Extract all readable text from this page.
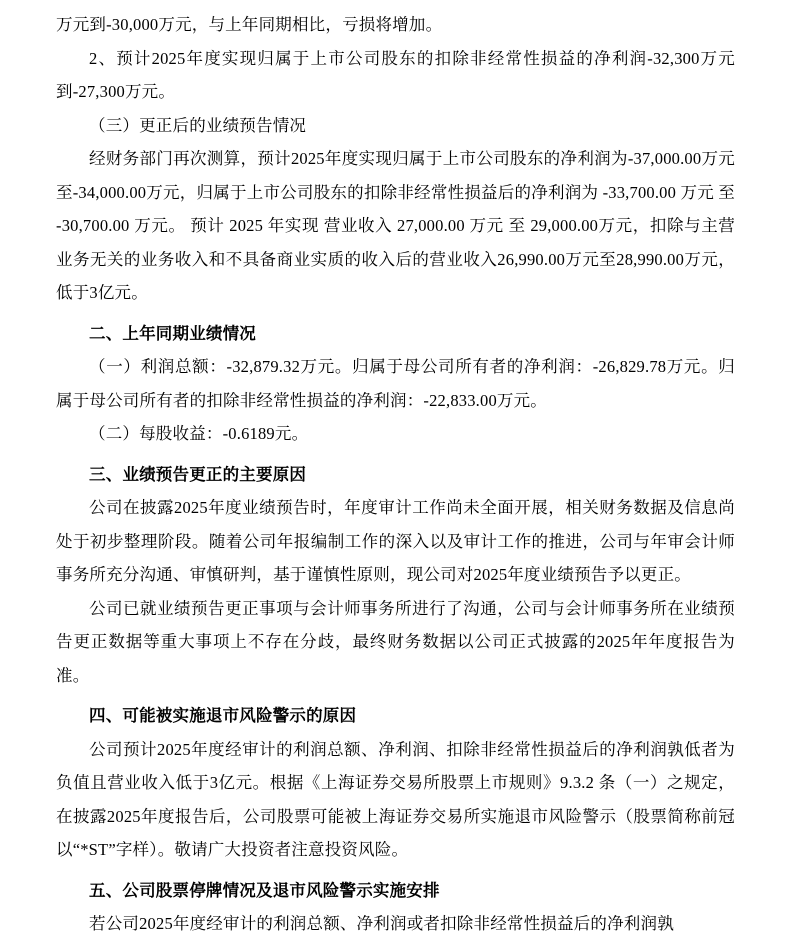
万元到-30,000万元，与上年同期相比，亏损将增加。

2、预计2025年度实现归属于上市公司股东的扣除非经常性损益的净利润-32,300万元到-27,300万元。

（三）更正后的业绩预告情况

经财务部门再次测算，预计2025年度实现归属于上市公司股东的净利润为-37,000.00万元至-34,000.00万元，归属于上市公司股东的扣除非经常性损益后的净利润为 -33,700.00 万元 至 -30,700.00 万元。 预计 2025 年实现 营业收入 27,000.00 万元 至 29,000.00万元，扣除与主营业务无关的业务收入和不具备商业实质的收入后的营业收入26,990.00万元至28,990.00万元，低于3亿元。

二、上年同期业绩情况

（一）利润总额：-32,879.32万元。归属于母公司所有者的净利润：-26,829.78万元。归属于母公司所有者的扣除非经常性损益的净利润：-22,833.00万元。

（二）每股收益：-0.6189元。

三、业绩预告更正的主要原因

公司在披露2025年度业绩预告时，年度审计工作尚未全面开展，相关财务数据及信息尚处于初步整理阶段。随着公司年报编制工作的深入以及审计工作的推进，公司与年审会计师事务所充分沟通、审慎研判，基于谨慎性原则，现公司对2025年度业绩预告予以更正。

公司已就业绩预告更正事项与会计师事务所进行了沟通，公司与会计师事务所在业绩预告更正数据等重大事项上不存在分歧，最终财务数据以公司正式披露的2025年年度报告为准。

四、可能被实施退市风险警示的原因

公司预计2025年度经审计的利润总额、净利润、扣除非经常性损益后的净利润孰低者为负值且营业收入低于3亿元。根据《上海证券交易所股票上市规则》9.3.2 条（一）之规定，在披露2025年度报告后，公司股票可能被上海证券交易所实施退市风险警示（股票简称前冠以“*ST”字样）。敬请广大投资者注意投资风险。

五、公司股票停牌情况及退市风险警示实施安排

若公司2025年度经审计的利润总额、净利润或者扣除非经常性损益后的净利润孰
